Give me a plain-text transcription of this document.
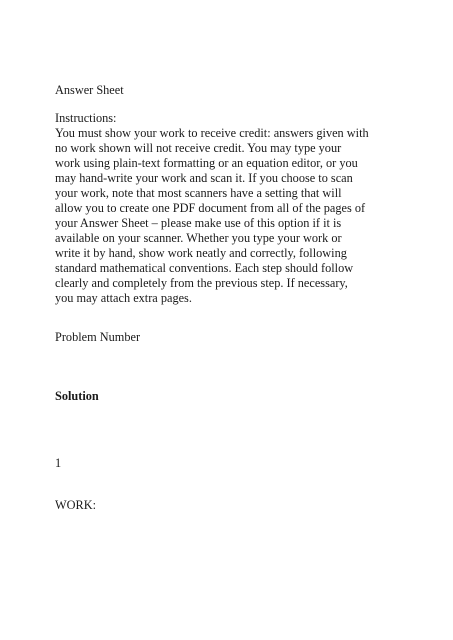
Answer Sheet
Instructions:
You must show your work to receive credit: answers given with
no work shown will not receive credit. You may type your
work using plain-text formatting or an equation editor, or you
may hand-write your work and scan it. If you choose to scan
your work, note that most scanners have a setting that will
allow you to create one PDF document from all of the pages of
your Answer Sheet – please make use of this option if it is
available on your scanner. Whether you type your work or
write it by hand, show work neatly and correctly, following
standard mathematical conventions. Each step should follow
clearly and completely from the previous step. If necessary,
you may attach extra pages.
Problem Number
Solution
1
WORK:
